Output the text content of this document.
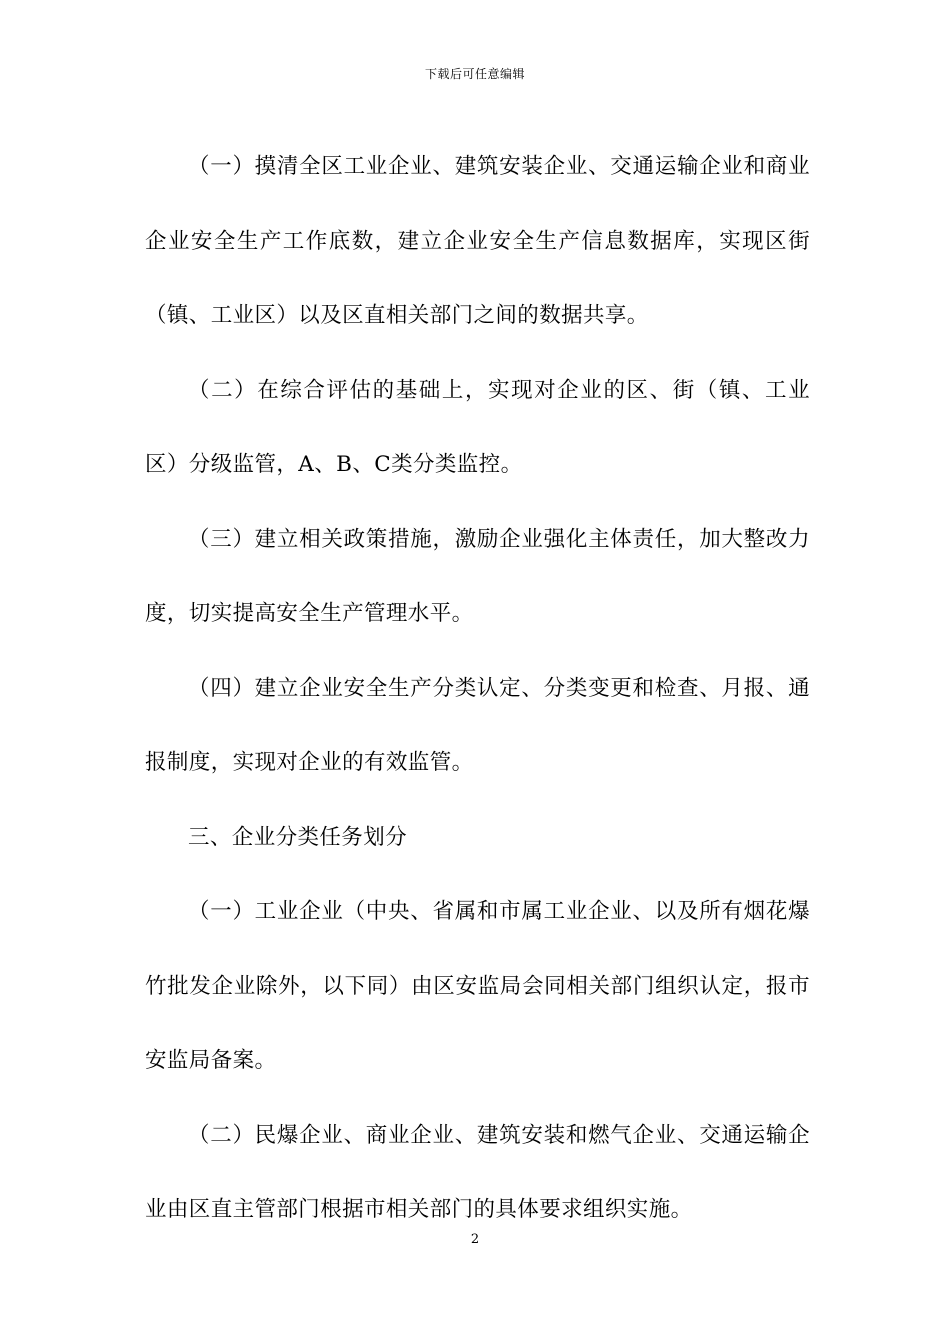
下载后可任意编辑

（一）摸清全区工业企业、建筑安装企业、交通运输企业和商业企业安全生产工作底数，建立企业安全生产信息数据库，实现区街（镇、工业区）以及区直相关部门之间的数据共享。

（二）在综合评估的基础上，实现对企业的区、街（镇、工业区）分级监管，A、B、C类分类监控。

（三）建立相关政策措施，激励企业强化主体责任，加大整改力度，切实提高安全生产管理水平。

（四）建立企业安全生产分类认定、分类变更和检查、月报、通报制度，实现对企业的有效监管。

三、企业分类任务划分

（一）工业企业（中央、省属和市属工业企业、以及所有烟花爆竹批发企业除外，以下同）由区安监局会同相关部门组织认定，报市安监局备案。

（二）民爆企业、商业企业、建筑安装和燃气企业、交通运输企业由区直主管部门根据市相关部门的具体要求组织实施。

2
